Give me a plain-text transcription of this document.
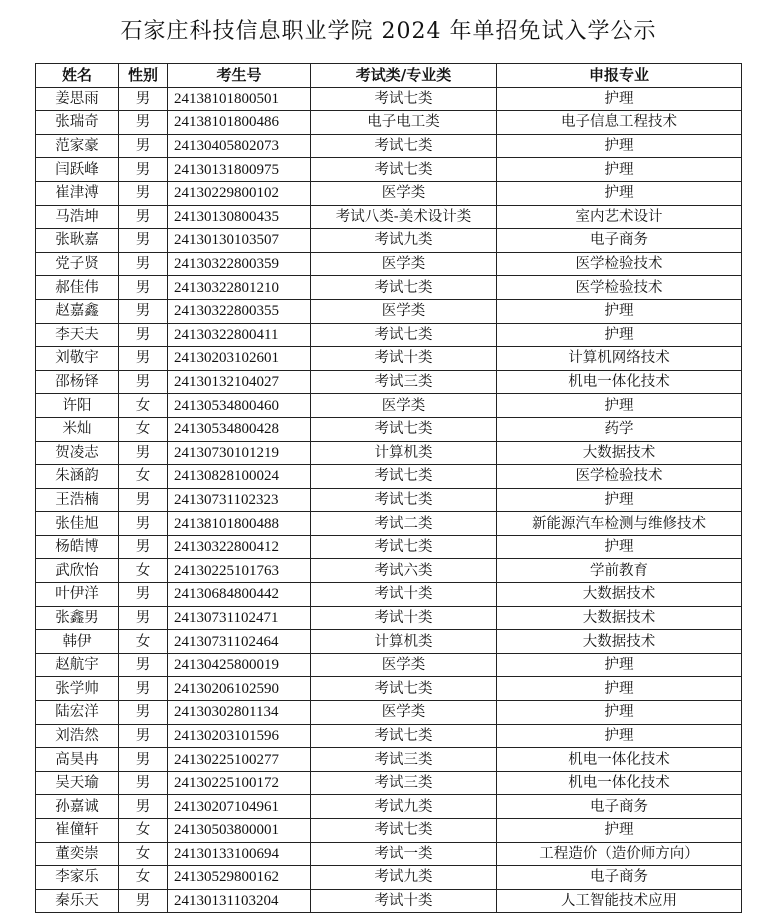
石家庄科技信息职业学院 2024 年单招免试入学公示
姓名	性别	考生号	考试类/专业类	申报专业
姜思雨	男	24138101800501	考试七类	护理
张瑞奇	男	24138101800486	电子电工类	电子信息工程技术
范家豪	男	24130405802073	考试七类	护理
闫跃峰	男	24130131800975	考试七类	护理
崔津溥	男	24130229800102	医学类	护理
马浩坤	男	24130130800435	考试八类-美术设计类	室内艺术设计
张耿嘉	男	24130130103507	考试九类	电子商务
党子贤	男	24130322800359	医学类	医学检验技术
郝佳伟	男	24130322801210	考试七类	医学检验技术
赵嘉鑫	男	24130322800355	医学类	护理
李天夫	男	24130322800411	考试七类	护理
刘敬宇	男	24130203102601	考试十类	计算机网络技术
邵杨铎	男	24130132104027	考试三类	机电一体化技术
许阳	女	24130534800460	医学类	护理
米灿	女	24130534800428	考试七类	药学
贺凌志	男	24130730101219	计算机类	大数据技术
朱涵韵	女	24130828100024	考试七类	医学检验技术
王浩楠	男	24130731102323	考试七类	护理
张佳旭	男	24138101800488	考试二类	新能源汽车检测与维修技术
杨皓博	男	24130322800412	考试七类	护理
武欣怡	女	24130225101763	考试六类	学前教育
叶伊洋	男	24130684800442	考试十类	大数据技术
张鑫男	男	24130731102471	考试十类	大数据技术
韩伊	女	24130731102464	计算机类	大数据技术
赵航宇	男	24130425800019	医学类	护理
张学帅	男	24130206102590	考试七类	护理
陆宏洋	男	24130302801134	医学类	护理
刘浩然	男	24130203101596	考试七类	护理
高昊冉	男	24130225100277	考试三类	机电一体化技术
吴天瑜	男	24130225100172	考试三类	机电一体化技术
孙嘉诚	男	24130207104961	考试九类	电子商务
崔僮轩	女	24130503800001	考试七类	护理
董奕崇	女	24130133100694	考试一类	工程造价（造价师方向）
李家乐	女	24130529800162	考试九类	电子商务
秦乐天	男	24130131103204	考试十类	人工智能技术应用
